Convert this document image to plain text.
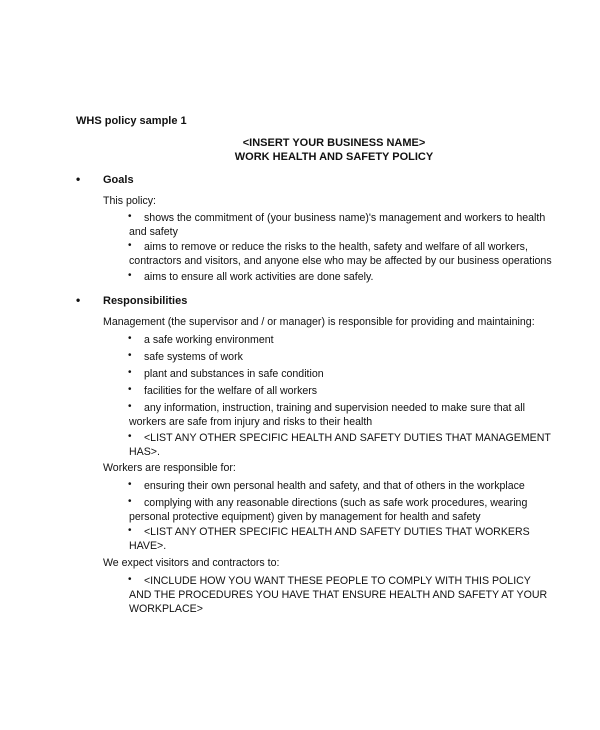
WHS policy sample 1
<INSERT YOUR BUSINESS NAME>
WORK HEALTH AND SAFETY POLICY
• Goals
This policy:
• shows the commitment of (your business name)'s management and workers to health
and safety
• aims to remove or reduce the risks to the health, safety and welfare of all workers,
contractors and visitors, and anyone else who may be affected by our business operations
• aims to ensure all work activities are done safely.
• Responsibilities
Management (the supervisor and / or manager) is responsible for providing and maintaining:
• a safe working environment
• safe systems of work
• plant and substances in safe condition
• facilities for the welfare of all workers
• any information, instruction, training and supervision needed to make sure that all
workers are safe from injury and risks to their health
• <LIST ANY OTHER SPECIFIC HEALTH AND SAFETY DUTIES THAT MANAGEMENT
HAS>.
Workers are responsible for:
• ensuring their own personal health and safety, and that of others in the workplace
• complying with any reasonable directions (such as safe work procedures, wearing
personal protective equipment) given by management for health and safety
• <LIST ANY OTHER SPECIFIC HEALTH AND SAFETY DUTIES THAT WORKERS
HAVE>.
We expect visitors and contractors to:
• <INCLUDE HOW YOU WANT THESE PEOPLE TO COMPLY WITH THIS POLICY
AND THE PROCEDURES YOU HAVE THAT ENSURE HEALTH AND SAFETY AT YOUR
WORKPLACE>
